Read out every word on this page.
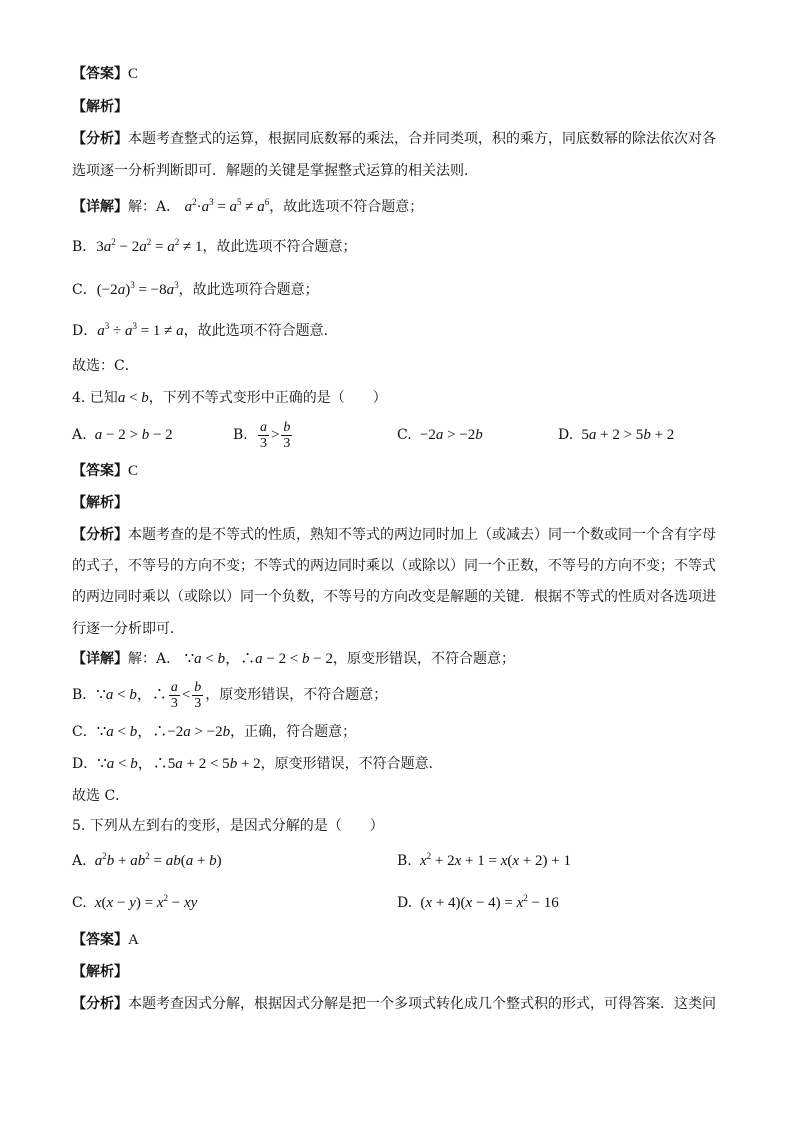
【答案】C
【解析】
【分析】本题考查整式的运算，根据同底数幂的乘法，合并同类项，积的乘方，同底数幂的除法依次对各
选项逐一分析判断即可．解题的关键是掌握整式运算的相关法则．
【详解】解：A． $a^2\cdot a^3 = a^5 \ne a^6$，故此选项不符合题意；
B．$3a^2 - 2a^2 = a^2 \ne 1$，故此选项不符合题意；
C．$(-2a)^3 = -8a^3$，故此选项符合题意；
D．$a^3 \div a^3 = 1 \ne a$，故此选项不符合题意．
故选：C．
4. 已知a < b，下列不等式变形中正确的是（　　）
A. a − 2 > b − 2	B. $\frac{a}{3} > \frac{b}{3}$	C.  −2a > −2b	D.  5a + 2 > 5b + 2
【答案】C
【解析】
【分析】本题考查的是不等式的性质，熟知不等式的两边同时加上（或减去）同一个数或同一个含有字母
的式子，不等号的方向不变；不等式的两边同时乘以（或除以）同一个正数，不等号的方向不变；不等式
的两边同时乘以（或除以）同一个负数，不等号的方向改变是解题的关键．根据不等式的性质对各选项进
行逐一分析即可．
【详解】解：A． ∵a < b，∴a − 2 < b − 2，原变形错误，不符合题意；
B．∵a < b，∴ $\frac{a}{3} < \frac{b}{3}$ ，原变形错误，不符合题意；
C．∵a < b，∴−2a > −2b，正确，符合题意；
D．∵a < b，∴5a + 2 < 5b + 2，原变形错误，不符合题意．
故选 C．
5. 下列从左到右的变形，是因式分解的是（　　）
A. $a^2b + ab^2 = ab(a + b)$	B. $x^2 + 2x + 1 = x(x + 2) + 1$
C. $x(x - y) = x^2$ − xy	D.  $(x + 4)(x - 4) = x^2 - 16$
【答案】A
【解析】
【分析】本题考查因式分解，根据因式分解是把一个多项式转化成几个整式积的形式，可得答案．这类问
